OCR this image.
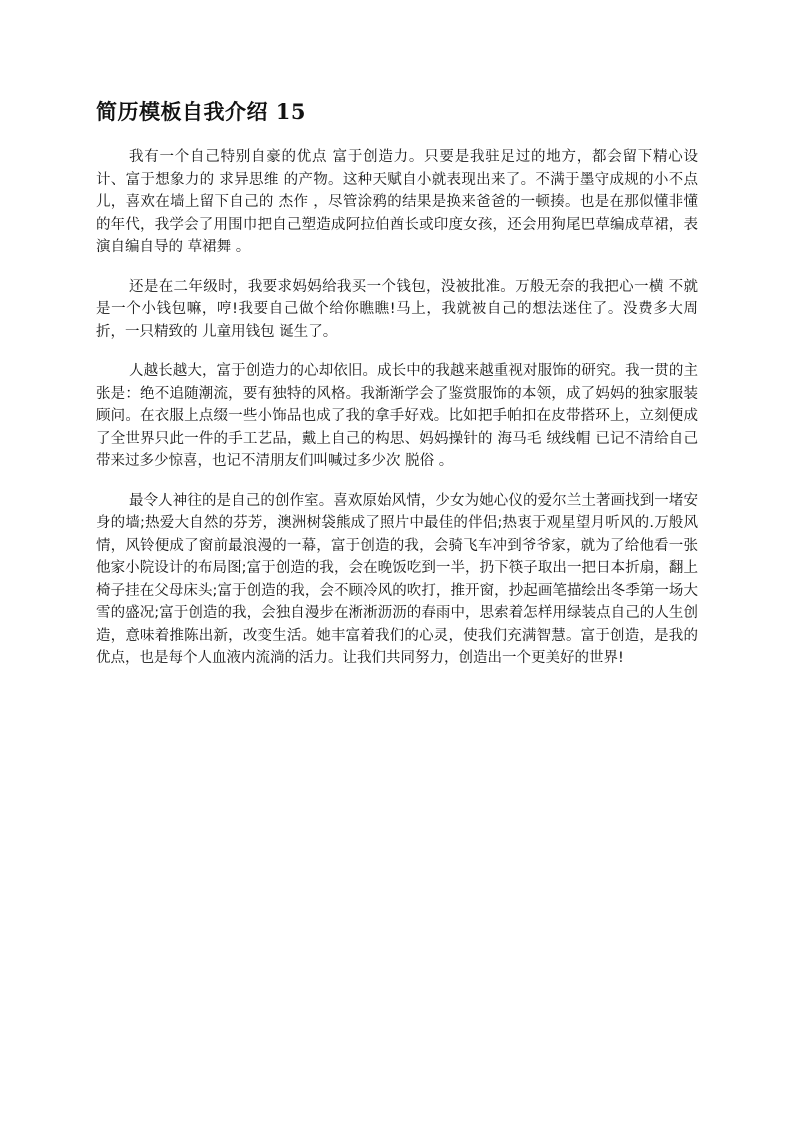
简历模板自我介绍 15

我有一个自己特别自豪的优点 富于创造力。只要是我驻足过的地方，都会留下精心设计、富于想象力的 求异思维 的产物。这种天赋自小就表现出来了。不满于墨守成规的小不点儿，喜欢在墙上留下自己的 杰作 ，尽管涂鸦的结果是换来爸爸的一顿揍。也是在那似懂非懂的年代，我学会了用围巾把自己塑造成阿拉伯酋长或印度女孩，还会用狗尾巴草编成草裙，表演自编自导的 草裙舞 。

还是在二年级时，我要求妈妈给我买一个钱包，没被批准。万般无奈的我把心一横 不就是一个小钱包嘛，哼!我要自己做个给你瞧瞧!马上，我就被自己的想法迷住了。没费多大周折，一只精致的 儿童用钱包 诞生了。

人越长越大，富于创造力的心却依旧。成长中的我越来越重视对服饰的研究。我一贯的主张是：绝不追随潮流，要有独特的风格。我渐渐学会了鉴赏服饰的本领，成了妈妈的独家服装顾问。在衣服上点缀一些小饰品也成了我的拿手好戏。比如把手帕扣在皮带搭环上，立刻便成了全世界只此一件的手工艺品，戴上自己的构思、妈妈操针的 海马毛 绒线帽 已记不清给自己带来过多少惊喜，也记不清朋友们叫喊过多少次 脱俗 。

最令人神往的是自己的创作室。喜欢原始风情，少女为她心仪的爱尔兰土著画找到一堵安身的墙;热爱大自然的芬芳，澳洲树袋熊成了照片中最佳的伴侣;热衷于观星望月听风的.万般风情，风铃便成了窗前最浪漫的一幕，富于创造的我，会骑飞车冲到爷爷家，就为了给他看一张他家小院设计的布局图;富于创造的我，会在晚饭吃到一半，扔下筷子取出一把日本折扇，翻上椅子挂在父母床头;富于创造的我，会不顾冷风的吹打，推开窗，抄起画笔描绘出冬季第一场大雪的盛况;富于创造的我，会独自漫步在淅淅沥沥的春雨中，思索着怎样用绿装点自己的人生创造，意味着推陈出新，改变生活。她丰富着我们的心灵，使我们充满智慧。富于创造，是我的优点，也是每个人血液内流淌的活力。让我们共同努力，创造出一个更美好的世界!
